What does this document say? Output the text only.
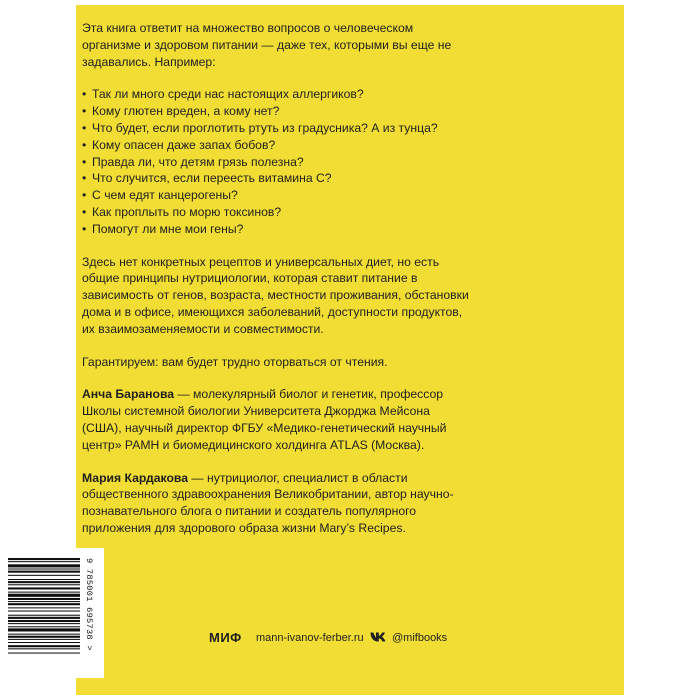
Эта книга ответит на множество вопросов о человеческом организме и здоровом питании — даже тех, которыми вы еще не задавались. Например:

• Так ли много среди нас настоящих аллергиков?
• Кому глютен вреден, а кому нет?
• Что будет, если проглотить ртуть из градусника? А из тунца?
• Кому опасен даже запах бобов?
• Правда ли, что детям грязь полезна?
• Что случится, если переесть витамина С?
• С чем едят канцерогены?
• Как проплыть по морю токсинов?
• Помогут ли мне мои гены?

Здесь нет конкретных рецептов и универсальных диет, но есть общие принципы нутрициологии, которая ставит питание в зависимость от генов, возраста, местности проживания, обстановки дома и в офисе, имеющихся заболеваний, доступности продуктов, их взаимозаменяемости и совместимости.

Гарантируем: вам будет трудно оторваться от чтения.

Анча Баранова — молекулярный биолог и генетик, профессор Школы системной биологии Университета Джорджа Мейсона (США), научный директор ФГБУ «Медико-генетический научный центр» РАМН и биомедицинского холдинга ATLAS (Москва).

Мария Кардакова — нутрициолог, специалист в области общественного здравоохранения Великобритании, автор научно-познавательного блога о питании и создатель популярного приложения для здорового образа жизни Mary’s Recipes.

9 785001 695738 >	МИФ mann-ivanov-ferber.ru	@mifbooks
